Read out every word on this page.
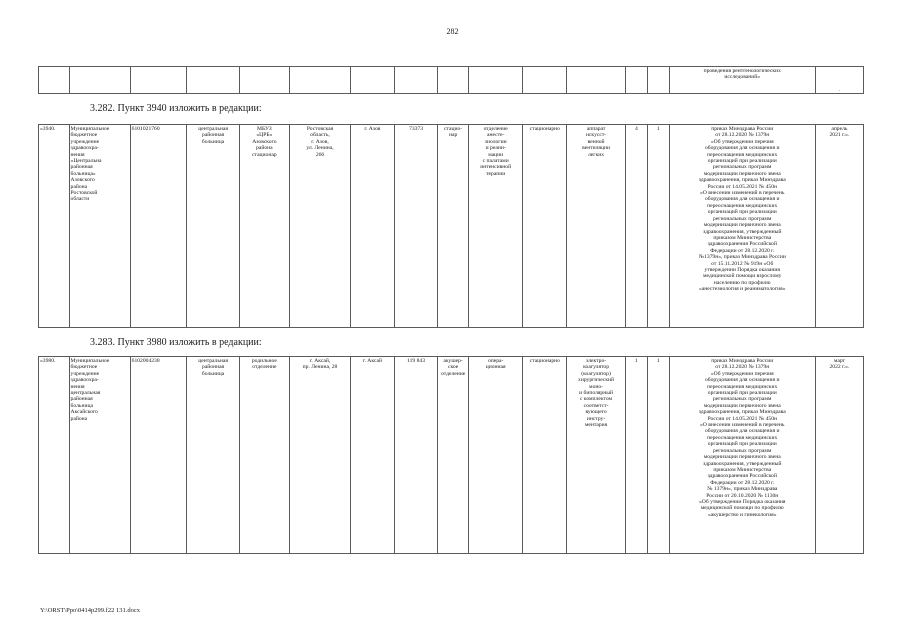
282
														проведения рентгенологических
исследований»	.
3.282. Пункт 3940 изложить в редакции:
«3940.	Муниципальное
бюджетное
учреждение
здравоохра-
нения
«Центральна
районная
больница»
Азовского
района
Ростовской
области	6101021760	центральная
районная
больница	МБУЗ
«ЦРБ»
Азовского
района
стационар	Ростовская
область,
г. Азов,
ул. Ленина,
266	г. Азов	73373	стацио-
нар	отделение
анесте-
зиологии
и реани-
мации
с палатами
интенсивной
терапии	стационарно	аппарат
искусст-
венной
вентиляции
легких	4	1	приказ Минздрава России
от 28.12.2020 № 1379н
«Об утверждении перечня
оборудования для оснащения и
переоснащения медицинских
организаций при реализации
региональных программ
модернизации первичного звена
здравоохранения, приказ Минздрава
России от 14.05.2021 № 450н
«О внесении изменений в перечень
оборудования для оснащения и
переоснащения медицинских
организаций при реализации
региональных программ
модернизации первичного звена
здравоохранения, утвержденный
приказом Министерства
здравоохранения Российской
Федерации от 28.12.2020 г.
№1379н», приказ Минздрава России
от 15.11.2012 № 919н «Об
утверждении Порядка оказания
медицинской помощи взрослому
населению по профилю
«анестезиология и реаниматология»	апрель
2021 г.».
3.283. Пункт 3980 изложить в редакции:
«3980.	Муниципальное
бюджетное
учреждение
здравоохра-
нения
центральная
районная
больница
Аксайского
района	6102004238	центральная
районная
больница	родильное
отделение	г. Аксай,
пр. Ленина, 28	г. Аксай	119 843	акушер-
ское
отделение	опера-
ционная	стационарно	электро-
коагулятор
(коагулятор)
хирургический
моно-
и биполярный
с комплектом
соответст-
вующего
инстру-
ментария	1	1	приказ Минздрава России
от 28.12.2020 № 1379н
«Об утверждении перечня
оборудования для оснащения и
переоснащения медицинских
организаций при реализации
региональных программ
модернизации первичного звена
здравоохранения, приказ Минздрава
России от 14.05.2021 № 450н
«О внесении изменений в перечень
оборудования для оснащения и
переоснащения медицинских
организаций при реализации
региональных программ
модернизации первичного звена
здравоохранения, утвержденный
приказом Министерства
здравоохранения Российской
Федерации от 28.12.2020 г.
№ 1379н», приказ Минздрава
России от 20.10.2020 № 1130н
«Об утверждении Порядка оказания
медицинской помощи по профилю
«акушерство и гинекология»	март
2022 г.».
Y:\ORST\Ppo\0414p299.f22 131.docx
